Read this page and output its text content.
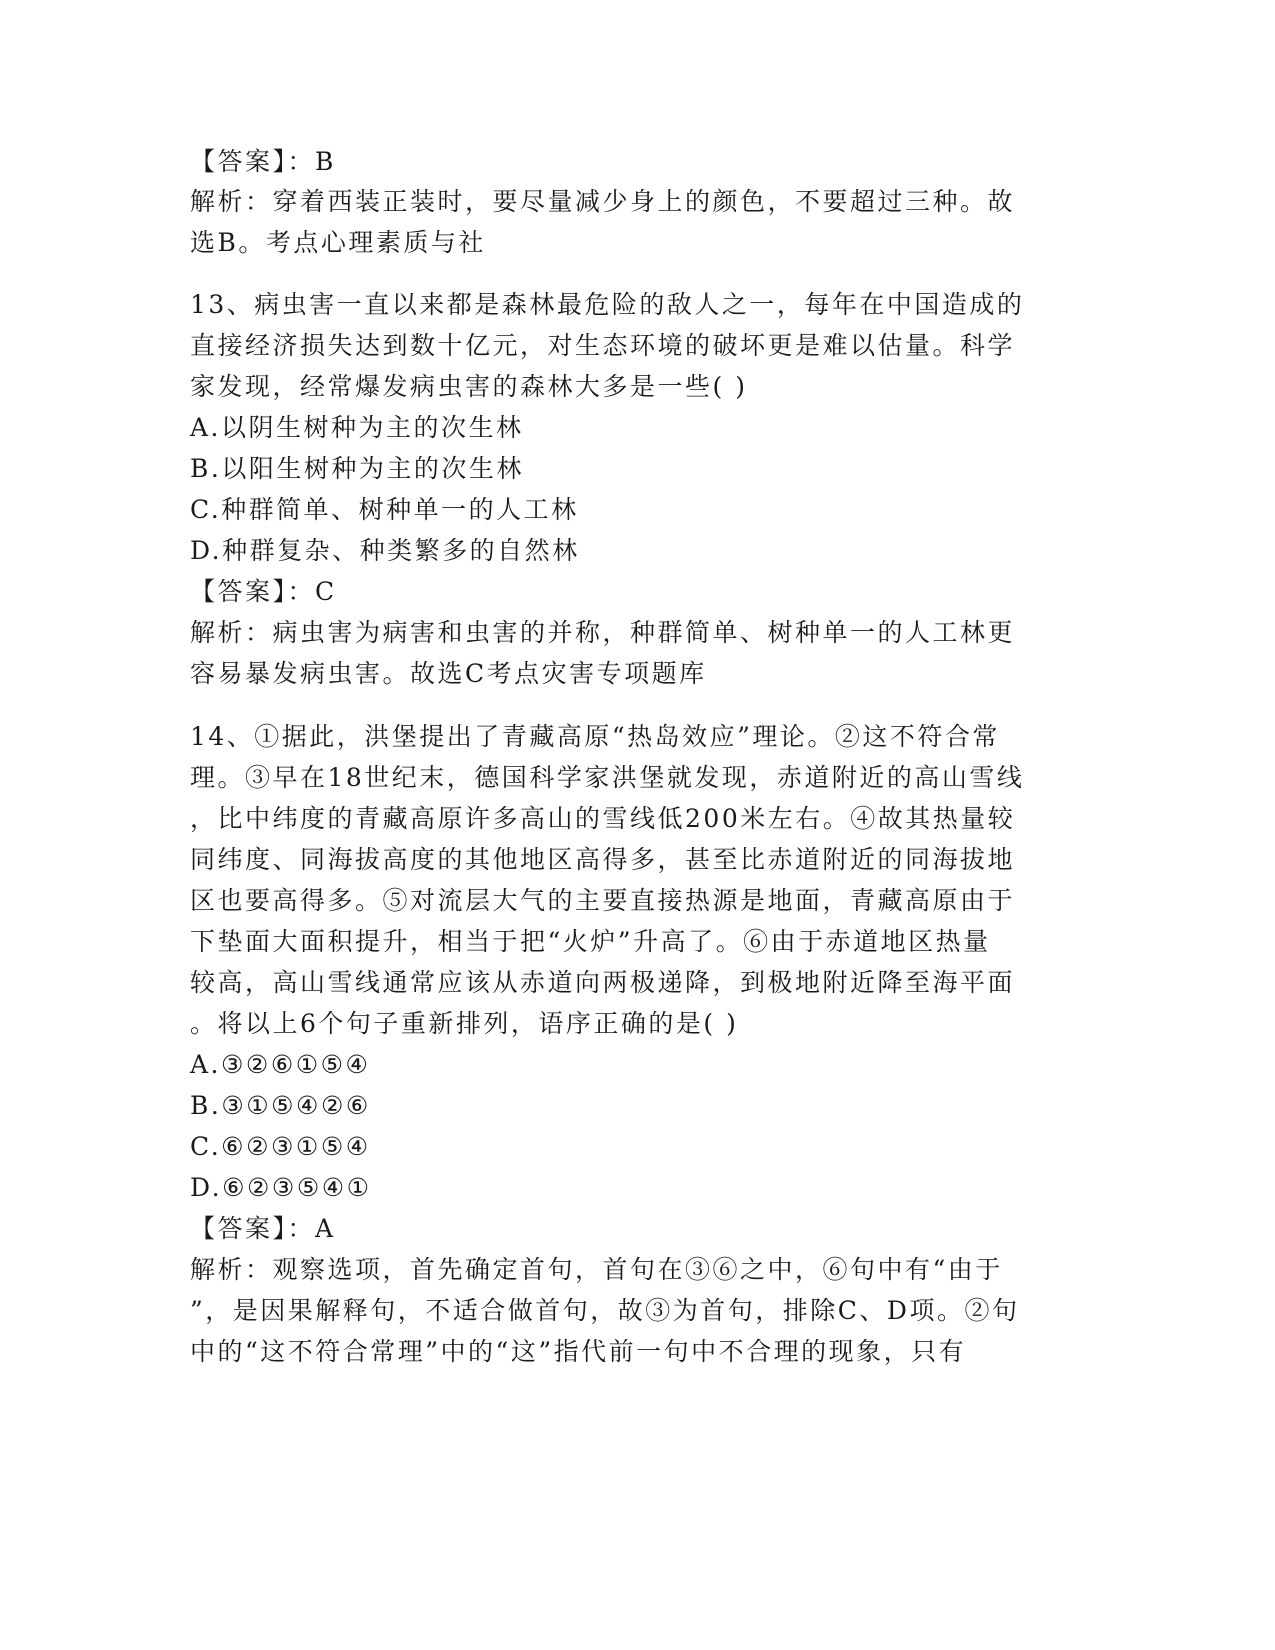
【答案】：B
解析：穿着西装正装时，要尽量减少身上的颜色，不要超过三种。故
选B。考点心理素质与社
13、病虫害一直以来都是森林最危险的敌人之一，每年在中国造成的
直接经济损失达到数十亿元，对生态环境的破坏更是难以估量。科学
家发现，经常爆发病虫害的森林大多是一些( )
A.以阴生树种为主的次生林
B.以阳生树种为主的次生林
C.种群简单、树种单一的人工林
D.种群复杂、种类繁多的自然林
【答案】：C
解析：病虫害为病害和虫害的并称，种群简单、树种单一的人工林更
容易暴发病虫害。故选C考点灾害专项题库
14、①据此，洪堡提出了青藏高原“热岛效应”理论。②这不符合常
理。③早在18世纪末，德国科学家洪堡就发现，赤道附近的高山雪线
，比中纬度的青藏高原许多高山的雪线低200米左右。④故其热量较
同纬度、同海拔高度的其他地区高得多，甚至比赤道附近的同海拔地
区也要高得多。⑤对流层大气的主要直接热源是地面，青藏高原由于
下垫面大面积提升，相当于把“火炉”升高了。⑥由于赤道地区热量
较高，高山雪线通常应该从赤道向两极递降，到极地附近降至海平面
。将以上6个句子重新排列，语序正确的是( )
A.③②⑥①⑤④
B.③①⑤④②⑥
C.⑥②③①⑤④
D.⑥②③⑤④①
【答案】：A
解析：观察选项，首先确定首句，首句在③⑥之中，⑥句中有“由于
”，是因果解释句，不适合做首句，故③为首句，排除C、D项。②句
中的“这不符合常理”中的“这”指代前一句中不合理的现象，只有
